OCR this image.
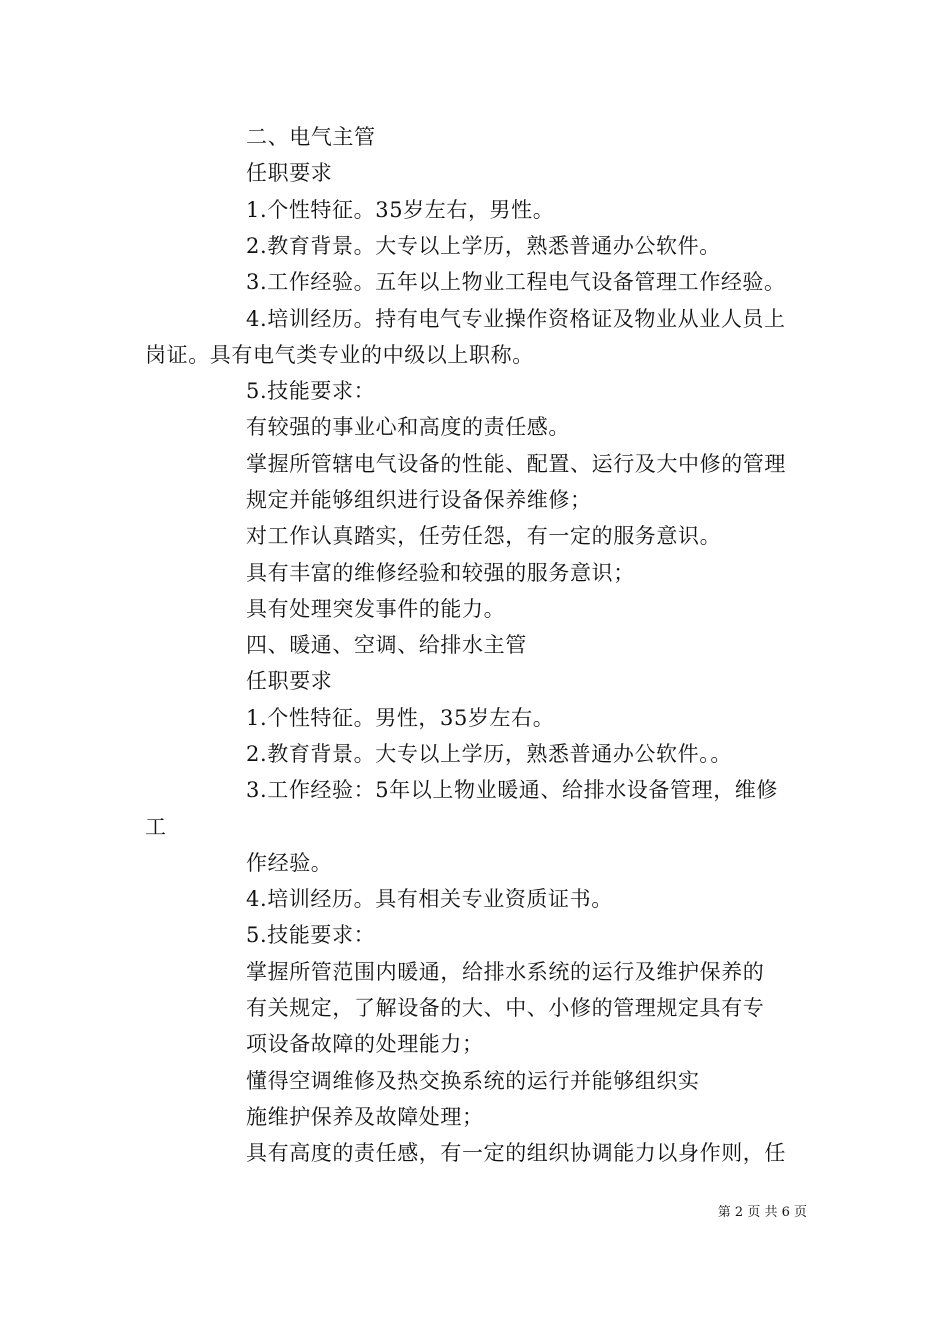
二、电气主管
任职要求
1.个性特征。35岁左右，男性。
2.教育背景。大专以上学历，熟悉普通办公软件。
3.工作经验。五年以上物业工程电气设备管理工作经验。
4.培训经历。持有电气专业操作资格证及物业从业人员上
岗证。具有电气类专业的中级以上职称。
5.技能要求：
有较强的事业心和高度的责任感。
掌握所管辖电气设备的性能、配置、运行及大中修的管理
规定并能够组织进行设备保养维修；
对工作认真踏实，任劳任怨，有一定的服务意识。
具有丰富的维修经验和较强的服务意识；
具有处理突发事件的能力。
四、暖通、空调、给排水主管
任职要求
1.个性特征。男性，35岁左右。
2.教育背景。大专以上学历，熟悉普通办公软件。。
3.工作经验：5年以上物业暖通、给排水设备管理，维修
工
作经验。
4.培训经历。具有相关专业资质证书。
5.技能要求：
掌握所管范围内暖通，给排水系统的运行及维护保养的
有关规定，了解设备的大、中、小修的管理规定具有专
项设备故障的处理能力；
懂得空调维修及热交换系统的运行并能够组织实
施维护保养及故障处理；
具有高度的责任感，有一定的组织协调能力以身作则，任
第 2 页 共 6 页
